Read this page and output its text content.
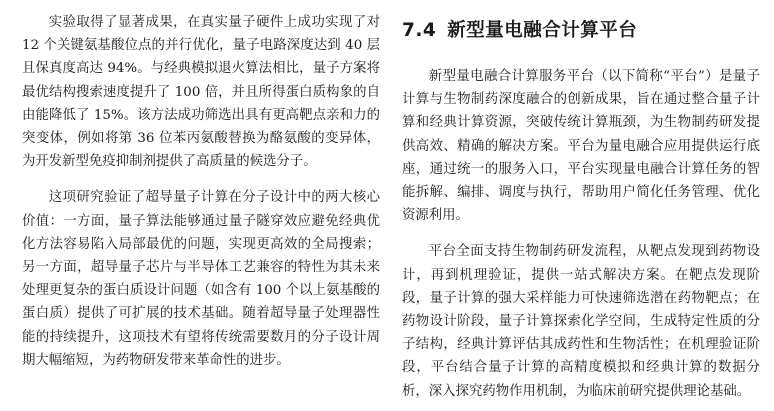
实验取得了显著成果，在真实量子硬件上成功实现了对 12 个关键氨基酸位点的并行优化，量子电路深度达到 40 层且保真度高达 94%。与经典模拟退火算法相比，量子方案将最优结构搜索速度提升了 100 倍，并且所得蛋白质构象的自由能降低了 15%。该方法成功筛选出具有更高靶点亲和力的突变体，例如将第 36 位苯丙氨酸替换为酪氨酸的变异体，为开发新型免疫抑制剂提供了高质量的候选分子。

这项研究验证了超导量子计算在分子设计中的两大核心价值：一方面，量子算法能够通过量子隧穿效应避免经典优化方法容易陷入局部最优的问题，实现更高效的全局搜索；另一方面，超导量子芯片与半导体工艺兼容的特性为其未来处理更复杂的蛋白质设计问题（如含有 100 个以上氨基酸的蛋白质）提供了可扩展的技术基础。随着超导量子处理器性能的持续提升，这项技术有望将传统需要数月的分子设计周期大幅缩短，为药物研发带来革命性的进步。

7.4 新型量电融合计算平台

新型量电融合计算服务平台（以下简称“平台”）是量子计算与生物制药深度融合的创新成果，旨在通过整合量子计算和经典计算资源，突破传统计算瓶颈，为生物制药研发提供高效、精确的解决方案。平台为量电融合应用提供运行底座，通过统一的服务入口，平台实现量电融合计算任务的智能拆解、编排、调度与执行，帮助用户简化任务管理、优化资源利用。

平台全面支持生物制药研发流程，从靶点发现到药物设计，再到机理验证，提供一站式解决方案。在靶点发现阶段，量子计算的强大采样能力可快速筛选潜在药物靶点；在药物设计阶段，量子计算探索化学空间，生成特定性质的分子结构，经典计算评估其成药性和生物活性；在机理验证阶段，平台结合量子计算的高精度模拟和经典计算的数据分析，深入探究药物作用机制，为临床前研究提供理论基础。
